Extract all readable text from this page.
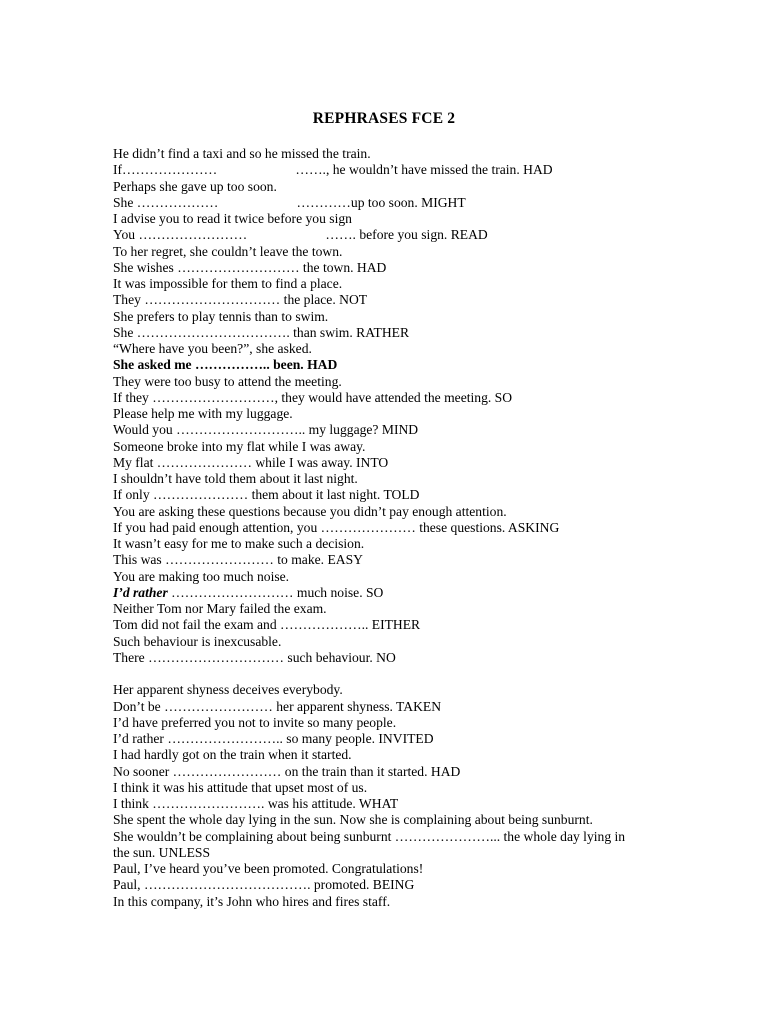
REPHRASES FCE 2
He didn’t find a taxi and so he missed the train.
If…………………                       ……., he wouldn’t have missed the train. HAD
Perhaps she gave up too soon.
She ………………                       …………up too soon. MIGHT
I advise you to read it twice before you sign
You ……………………                       ……. before you sign. READ
To her regret, she couldn’t leave the town.
She wishes ……………………… the town. HAD
It was impossible for them to find a place.
They ………………………… the place. NOT
She prefers to play tennis than to swim.
She ……………………………. than swim. RATHER
“Where have you been?”, she asked.
She asked me …………….. been. HAD
They were too busy to attend the meeting.
If they ………………………, they would have attended the meeting. SO
Please help me with my luggage.
Would you ……………………….. my luggage? MIND
Someone broke into my flat while I was away.
My flat ………………… while I was away. INTO
I shouldn’t have told them about it last night.
If only ………………… them about it last night. TOLD
You are asking these questions because you didn’t pay enough attention.
If you had paid enough attention, you ………………… these questions. ASKING
It wasn’t easy for me to make such a decision.
This was …………………… to make. EASY
You are making too much noise.
I’d rather ……………………… much noise. SO
Neither Tom nor Mary failed the exam.
Tom did not fail the exam and ……………….. EITHER
Such behaviour is inexcusable.
There ………………………… such behaviour. NO
Her apparent shyness deceives everybody.
Don’t be …………………… her apparent shyness. TAKEN
I’d have preferred you not to invite so many people.
I’d rather …………………….. so many people. INVITED
I had hardly got on the train when it started.
No sooner …………………… on the train than it started. HAD
I think it was his attitude that upset most of us.
I think ……………………. was his attitude. WHAT
She spent the whole day lying in the sun. Now she is complaining about being sunburnt.
She wouldn’t be complaining about being sunburnt …………………... the whole day lying in the sun. UNLESS
Paul, I’ve heard you’ve been promoted. Congratulations!
Paul, ………………………………. promoted. BEING
In this company, it’s John who hires and fires staff.
